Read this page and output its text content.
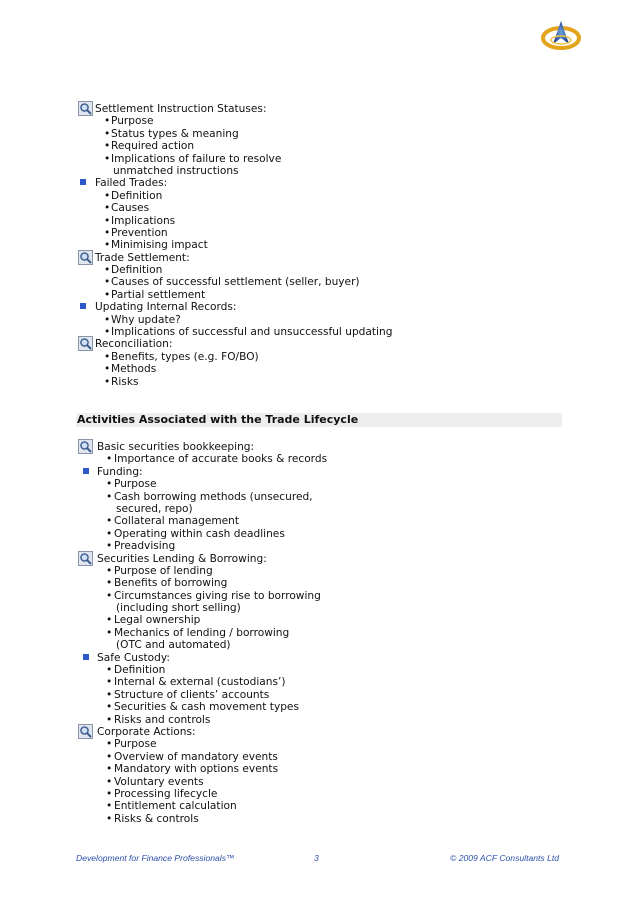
Settlement Instruction Statuses:
• Purpose
• Status types & meaning
• Required action
• Implications of failure to resolve
unmatched instructions
Failed Trades:
• Definition
• Causes
• Implications
• Prevention
• Minimising impact
Trade Settlement:
• Definition
• Causes of successful settlement (seller, buyer)
• Partial settlement
Updating Internal Records:
• Why update?
• Implications of successful and unsuccessful updating
Reconciliation:
• Benefits, types (e.g. FO/BO)
• Methods
• Risks
Activities Associated with the Trade Lifecycle
Basic securities bookkeeping:
• Importance of accurate books & records
Funding:
• Purpose
• Cash borrowing methods (unsecured,
secured, repo)
• Collateral management
• Operating within cash deadlines
• Preadvising
Securities Lending & Borrowing:
• Purpose of lending
• Benefits of borrowing
• Circumstances giving rise to borrowing
(including short selling)
• Legal ownership
• Mechanics of lending / borrowing
(OTC and automated)
Safe Custody:
• Definition
• Internal & external (custodians’)
• Structure of clients’ accounts
• Securities & cash movement types
• Risks and controls
Corporate Actions:
• Purpose
• Overview of mandatory events
• Mandatory with options events
• Voluntary events
• Processing lifecycle
• Entitlement calculation
• Risks & controls
Development for Finance Professionals™	3	© 2009 ACF Consultants Ltd
